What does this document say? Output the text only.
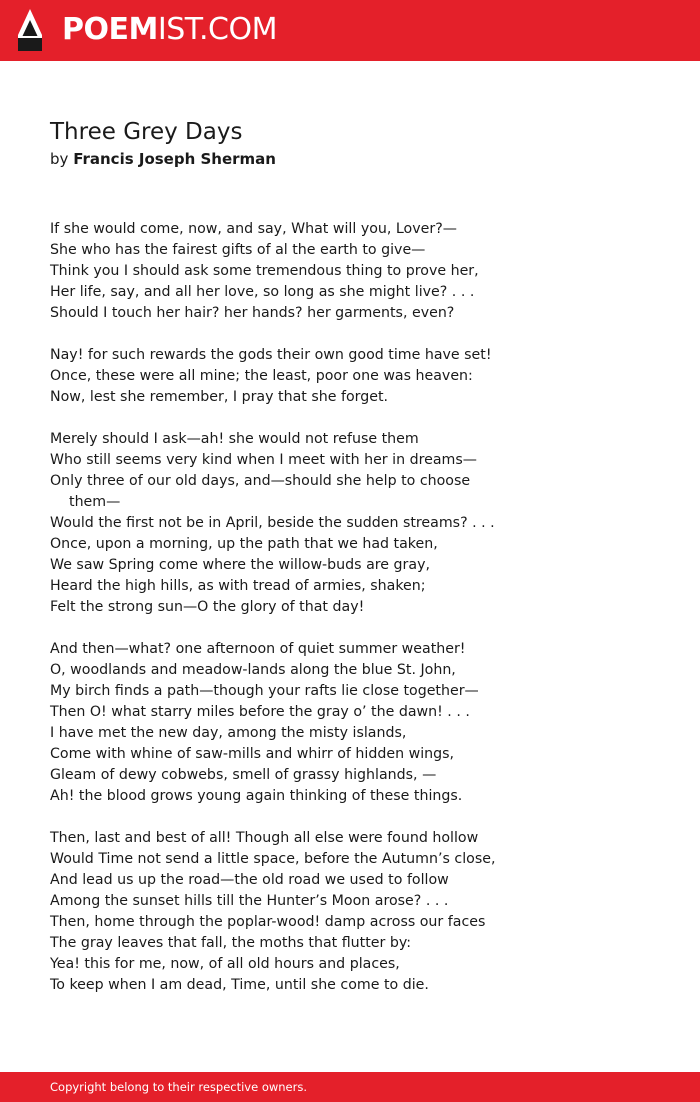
POEMIST.COM
Three Grey Days
by Francis Joseph Sherman
If she would come, now, and say, What will you, Lover?—
She who has the fairest gifts of al the earth to give—
Think you I should ask some tremendous thing to prove her,
Her life, say, and all her love, so long as she might live? . . .
Should I touch her hair? her hands? her garments, even?
Nay! for such rewards the gods their own good time have set!
Once, these were all mine; the least, poor one was heaven:
Now, lest she remember, I pray that she forget.
Merely should I ask—ah! she would not refuse them
Who still seems very kind when I meet with her in dreams—
Only three of our old days, and—should she help to choose
them—
Would the first not be in April, beside the sudden streams? . . .
Once, upon a morning, up the path that we had taken,
We saw Spring come where the willow-buds are gray,
Heard the high hills, as with tread of armies, shaken;
Felt the strong sun—O the glory of that day!
And then—what? one afternoon of quiet summer weather!
O, woodlands and meadow-lands along the blue St. John,
My birch finds a path—though your rafts lie close together—
Then O! what starry miles before the gray o’ the dawn! . . .
I have met the new day, among the misty islands,
Come with whine of saw-mills and whirr of hidden wings,
Gleam of dewy cobwebs, smell of grassy highlands, —
Ah! the blood grows young again thinking of these things.
Then, last and best of all! Though all else were found hollow
Would Time not send a little space, before the Autumn’s close,
And lead us up the road—the old road we used to follow
Among the sunset hills till the Hunter’s Moon arose? . . .
Then, home through the poplar-wood! damp across our faces
The gray leaves that fall, the moths that flutter by:
Yea! this for me, now, of all old hours and places,
To keep when I am dead, Time, until she come to die.
Copyright belong to their respective owners.
